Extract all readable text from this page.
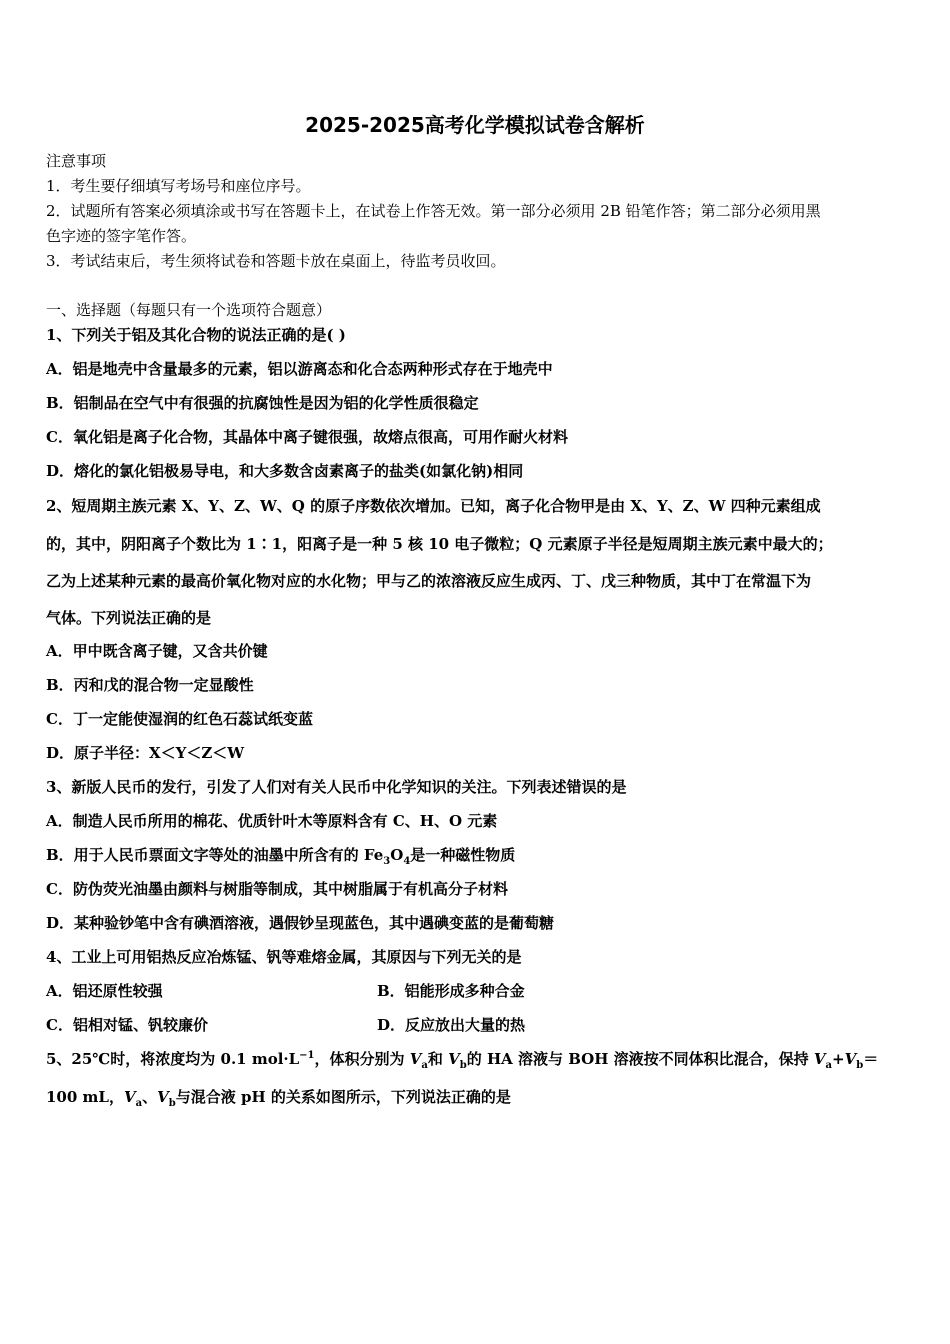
2025-2025高考化学模拟试卷含解析
注意事项
1．考生要仔细填写考场号和座位序号。
2．试题所有答案必须填涂或书写在答题卡上，在试卷上作答无效。第一部分必须用 2B 铅笔作答；第二部分必须用黑
色字迹的签字笔作答。
3．考试结束后，考生须将试卷和答题卡放在桌面上，待监考员收回。
一、选择题（每题只有一个选项符合题意）
1、下列关于铝及其化合物的说法正确的是( )
A．铝是地壳中含量最多的元素，铝以游离态和化合态两种形式存在于地壳中
B．铝制品在空气中有很强的抗腐蚀性是因为铝的化学性质很稳定
C．氧化铝是离子化合物，其晶体中离子键很强，故熔点很高，可用作耐火材料
D．熔化的氯化铝极易导电，和大多数含卤素离子的盐类(如氯化钠)相同
2、短周期主族元素 X、Y、Z、W、Q 的原子序数依次增加。已知，离子化合物甲是由 X、Y、Z、W 四种元素组成
的，其中，阴阳离子个数比为 1∶1，阳离子是一种 5 核 10 电子微粒；Q 元素原子半径是短周期主族元素中最大的；
乙为上述某种元素的最高价氧化物对应的水化物；甲与乙的浓溶液反应生成丙、丁、戊三种物质，其中丁在常温下为
气体。下列说法正确的是
A．甲中既含离子键，又含共价键
B．丙和戊的混合物一定显酸性
C．丁一定能使湿润的红色石蕊试纸变蓝
D．原子半径：X＜Y＜Z＜W
3、新版人民币的发行，引发了人们对有关人民币中化学知识的关注。下列表述错误的是
A．制造人民币所用的棉花、优质针叶木等原料含有 C、H、O 元素
B．用于人民币票面文字等处的油墨中所含有的 $Fe_3O_4$是一种磁性物质
C．防伪荧光油墨由颜料与树脂等制成，其中树脂属于有机高分子材料
D．某种验钞笔中含有碘酒溶液，遇假钞呈现蓝色，其中遇碘变蓝的是葡萄糖
4、工业上可用铝热反应冶炼锰、钒等难熔金属，其原因与下列无关的是
A．铝还原性较强	B．铝能形成多种合金
C．铝相对锰、钒较廉价	D．反应放出大量的热
5、25℃时，将浓度均为 0.1 $mol\cdot L^{-1}$，体积分别为 $V_a$和 $V_b$的 HA 溶液与 BOH 溶液按不同体积比混合，保持 $V_a+V_b=$
100 mL，$V_a$、$V_b$与混合液 pH 的关系如图所示，下列说法正确的是
